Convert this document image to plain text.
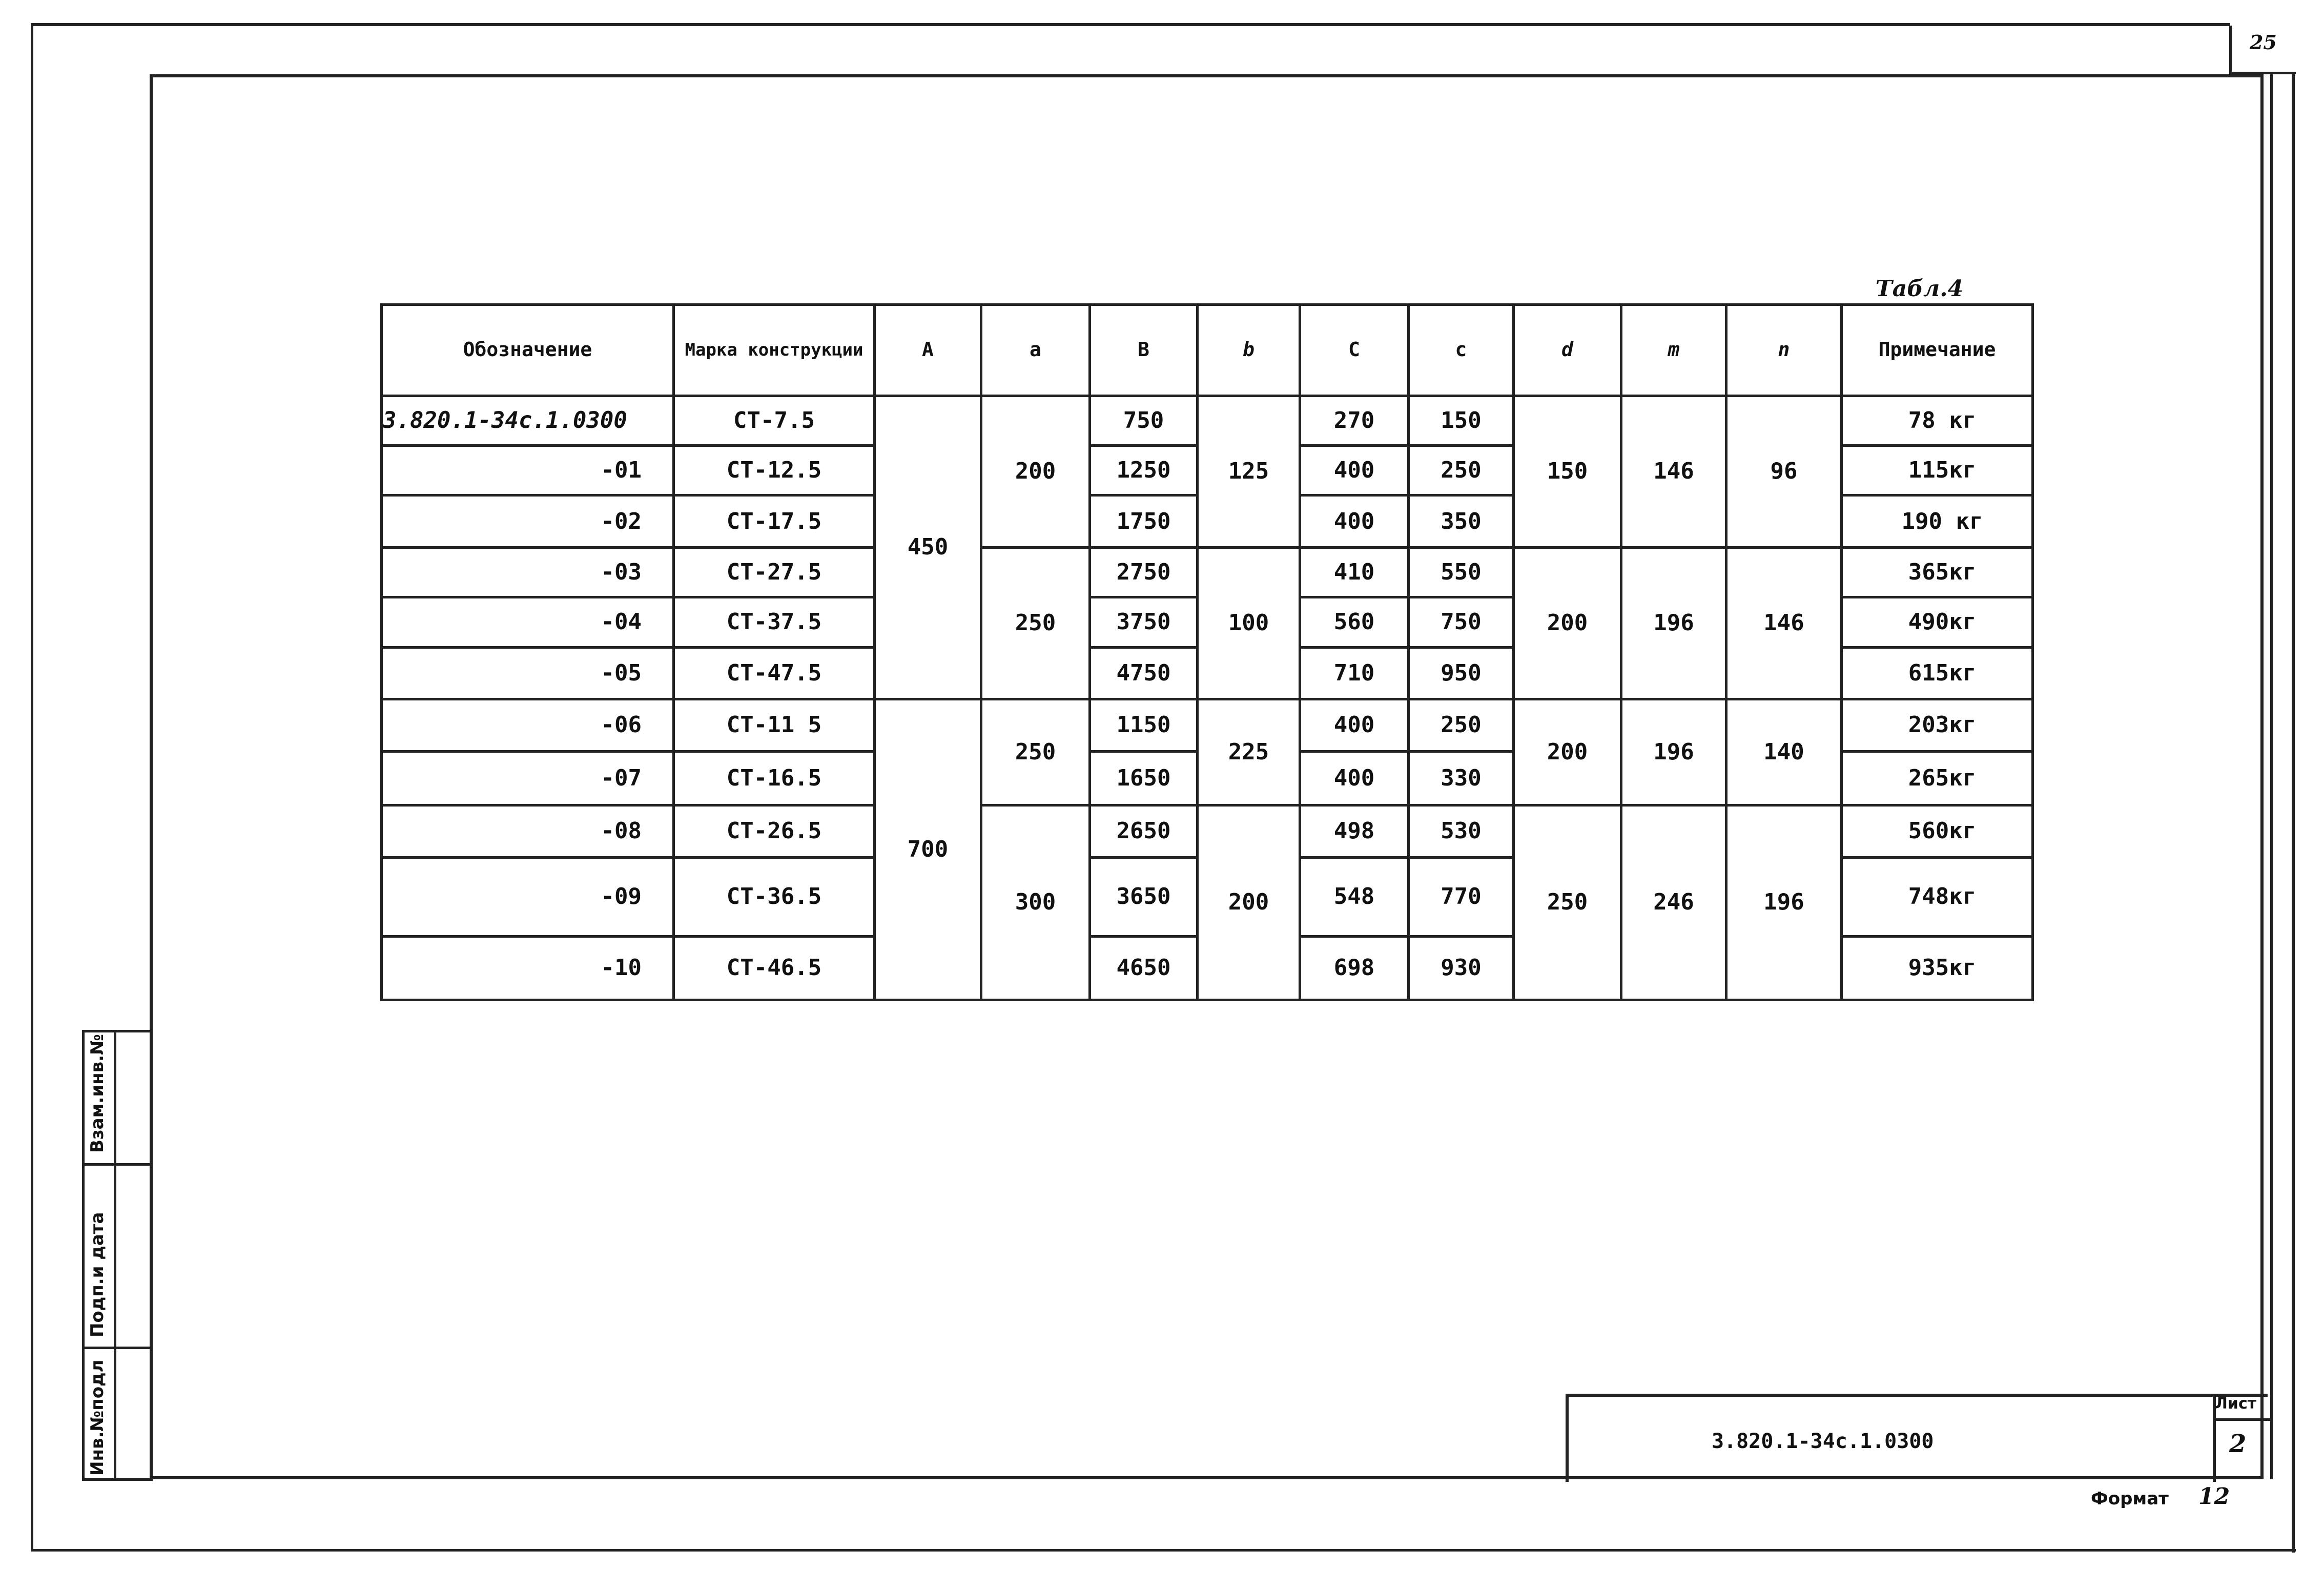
25
Взам.инв.№
Подп.и дата
Инв.№подл
Табл.4
Обозначение	Марка конструкции	А	а	В	b	С	с	d	m	n	Примечание
3.820.1-34с.1.0300	СТ-7.5	450	200	750	125	270	150	150	146	96	78 кг
-01	СТ-12.5			1250		400	250				115кг
-02	СТ-17.5			1750		400	350				190 кг
-03	СТ-27.5		250	2750	100	410	550	200	196	146	365кг
-04	СТ-37.5			3750		560	750				490кг
-05	СТ-47.5			4750		710	950				615кг
-06	СТ-11 5	700	250	1150	225	400	250	200	196	140	203кг
-07	СТ-16.5			1650		400	330				265кг
-08	СТ-26.5		300	2650	200	498	530	250	246	196	560кг
-09	СТ-36.5			3650		548	770				748кг
-10	СТ-46.5			4650		698	930				935кг
3.820.1-34с.1.0300
Лист
2
Формат 12
